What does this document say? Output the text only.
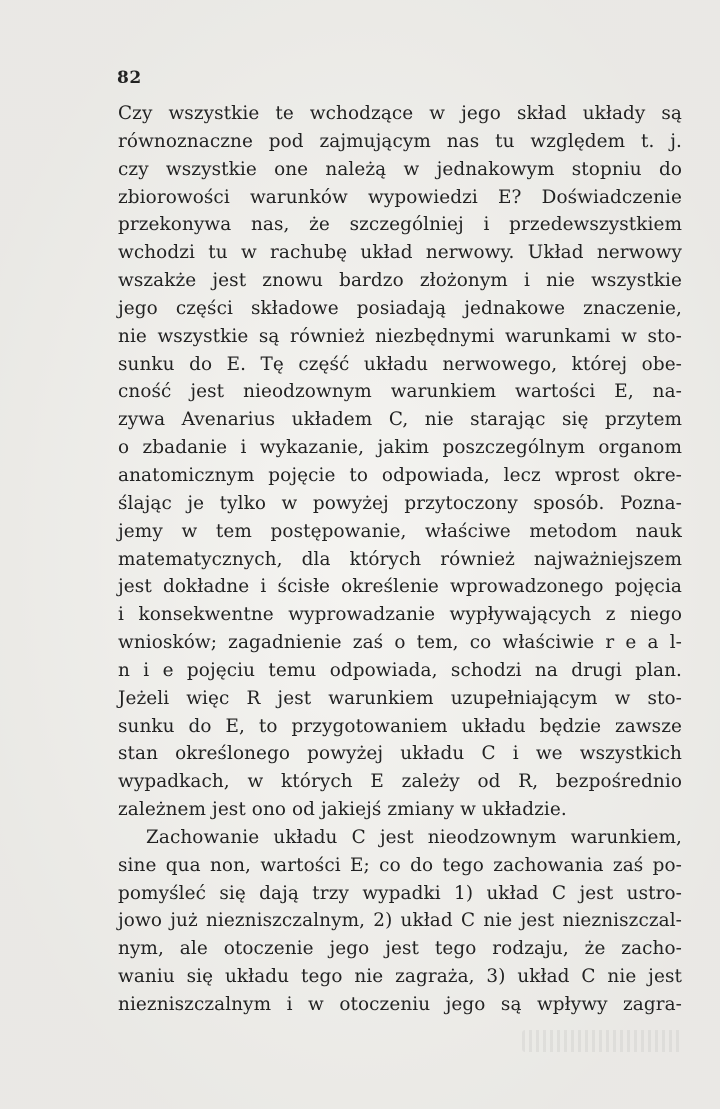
82
Czy wszystkie te wchodzące w jego skład układy są
równoznaczne pod zajmującym nas tu względem t. j.
czy wszystkie one należą w jednakowym stopniu do
zbiorowości warunków wypowiedzi E? Doświadczenie
przekonywa nas, że szczególniej i przedewszystkiem
wchodzi tu w rachubę układ nerwowy. Układ nerwowy
wszakże jest znowu bardzo złożonym i nie wszystkie
jego części składowe posiadają jednakowe znaczenie,
nie wszystkie są również niezbędnymi warunkami w sto-
sunku do E. Tę część układu nerwowego, której obe-
cność jest nieodzownym warunkiem wartości E, na-
zywa Avenarius układem C, nie starając się przytem
o zbadanie i wykazanie, jakim poszczególnym organom
anatomicznym pojęcie to odpowiada, lecz wprost okre-
ślając je tylko w powyżej przytoczony sposób. Pozna-
jemy w tem postępowanie, właściwe metodom nauk
matematycznych, dla których również najważniejszem
jest dokładne i ścisłe określenie wprowadzonego pojęcia
i konsekwentne wyprowadzanie wypływających z niego
wniosków; zagadnienie zaś o tem, co właściwie r e a l-
n i e pojęciu temu odpowiada, schodzi na drugi plan.
Jeżeli więc R jest warunkiem uzupełniającym w sto-
sunku do E, to przygotowaniem układu będzie zawsze
stan określonego powyżej układu C i we wszystkich
wypadkach, w których E zależy od R, bezpośrednio
zależnem jest ono od jakiejś zmiany w układzie.
Zachowanie układu C jest nieodzownym warunkiem,
sine qua non, wartości E; co do tego zachowania zaś po-
pomyśleć się dają trzy wypadki 1) układ C jest ustro-
jowo już niezniszczalnym, 2) układ C nie jest niezniszczal-
nym, ale otoczenie jego jest tego rodzaju, że zacho-
waniu się układu tego nie zagraża, 3) układ C nie jest
niezniszczalnym i w otoczeniu jego są wpływy zagra-
